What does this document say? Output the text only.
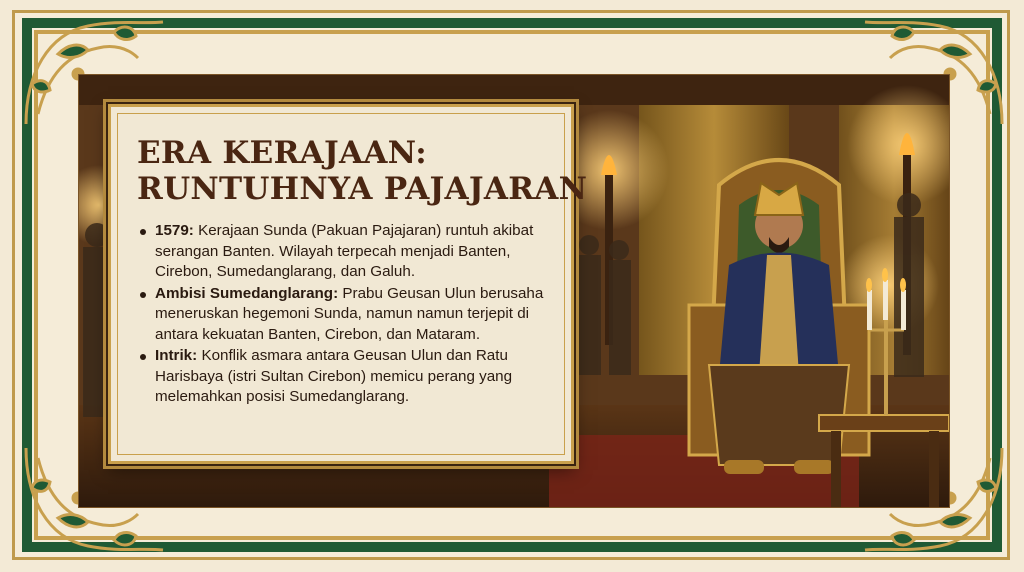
ERA KERAJAAN:
RUNTUHNYA PAJAJARAN
1579: Kerajaan Sunda (Pakuan Pajajaran) runtuh akibat serangan Banten. Wilayah terpecah menjadi Banten, Cirebon, Sumedanglarang, dan Galuh.
Ambisi Sumedanglarang: Prabu Geusan Ulun berusaha meneruskan hegemoni Sunda, namun namun terjepit di antara kekuatan Banten, Cirebon, dan Mataram.
Intrik: Konflik asmara antara Geusan Ulun dan Ratu Harisbaya (istri Sultan Cirebon) memicu perang yang melemahkan posisi Sumedanglarang.
